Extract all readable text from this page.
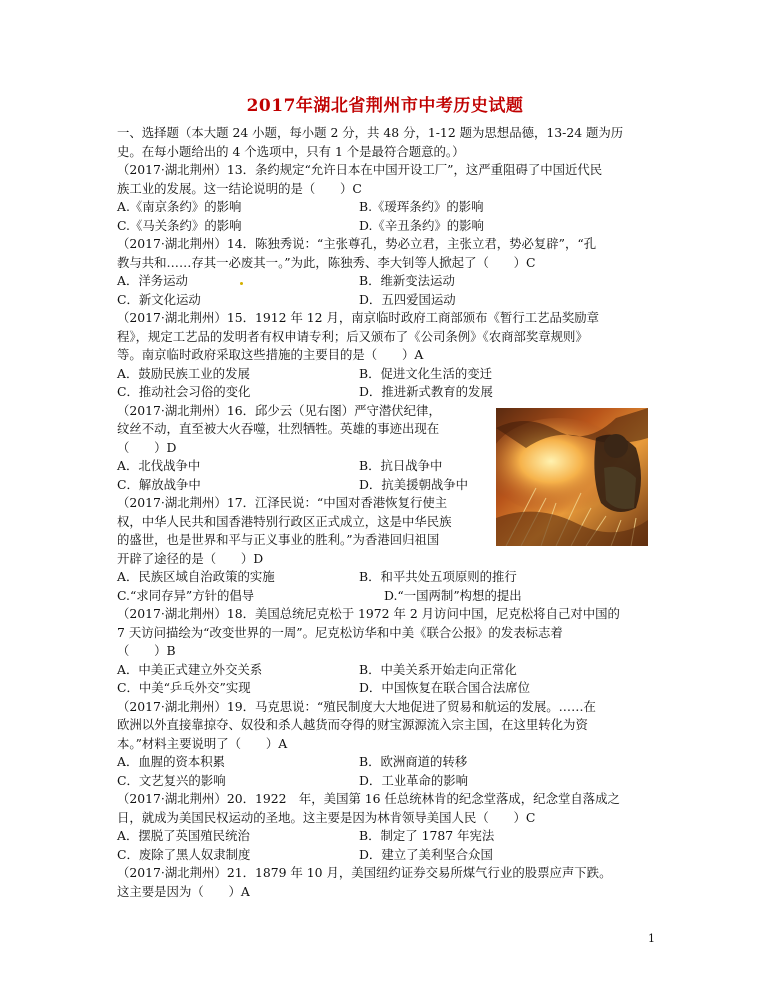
2017年湖北省荆州市中考历史试题
一、选择题（本大题 24 小题，每小题 2 分，共 48 分，1-12 题为思想品德，13-24 题为历
史。在每小题给出的 4 个选项中，只有 1 个是最符合题意的。）
（2017·湖北荆州）13．条约规定“允许日本在中国开设工厂”，这严重阻碍了中国近代民
族工业的发展。这一结论说明的是（　　）C
A.《南京条约》的影响	B.《瑷珲条约》的影响
C.《马关条约》的影响	D.《辛丑条约》的影响
（2017·湖北荆州）14．陈独秀说：“主张尊孔，势必立君，主张立君，势必复辟”，“孔
教与共和……存其一必废其一。”为此，陈独秀、李大钊等人掀起了（　　）C
A．洋务运动	B．维新变法运动
C．新文化运动	D．五四爱国运动
（2017·湖北荆州）15．1912 年 12 月，南京临时政府工商部颁布《暂行工艺品奖励章
程》，规定工艺品的发明者有权申请专利；后又颁布了《公司条例》《农商部奖章规则》
等。南京临时政府采取这些措施的主要目的是（　　）A
A．鼓励民族工业的发展	B．促进文化生活的变迁
C．推动社会习俗的变化	D．推进新式教育的发展
（2017·湖北荆州）16．邱少云（见右图）严守潜伏纪律，
纹丝不动，直至被大火吞噬，壮烈牺牲。英雄的事迹出现在
（　　）D
A．北伐战争中	B．抗日战争中
C．解放战争中	D．抗美援朝战争中
（2017·湖北荆州）17．江泽民说：“中国对香港恢复行使主
权，中华人民共和国香港特别行政区正式成立，这是中华民族
的盛世，也是世界和平与正义事业的胜利。”为香港回归祖国
开辟了途径的是（　　）D
A．民族区域自治政策的实施	B．和平共处五项原则的推行
C.“求同存异”方针的倡导	D.“一国两制”构想的提出
（2017·湖北荆州）18．美国总统尼克松于 1972 年 2 月访问中国，尼克松将自己对中国的
7 天访问描绘为“改变世界的一周”。尼克松访华和中美《联合公报》的发表标志着
（　　）B
A．中美正式建立外交关系	B．中美关系开始走向正常化
C．中美“乒乓外交”实现	D．中国恢复在联合国合法席位
（2017·湖北荆州）19．马克思说：“殖民制度大大地促进了贸易和航运的发展。……在
欧洲以外直接靠掠夺、奴役和杀人越货而夺得的财宝源源流入宗主国，在这里转化为资
本。”材料主要说明了（　　）A
A．血腥的资本积累	B．欧洲商道的转移
C．文艺复兴的影响	D．工业革命的影响
（2017·湖北荆州）20．1922　年，美国第 16 任总统林肯的纪念堂落成，纪念堂自落成之
日，就成为美国民权运动的圣地。这主要是因为林肯领导美国人民（　　）C
A．摆脱了英国殖民统治	B．制定了 1787 年宪法
C．废除了黑人奴隶制度	D．建立了美利坚合众国
（2017·湖北荆州）21．1879 年 10 月，美国纽约证券交易所煤气行业的股票应声下跌。
这主要是因为（　　）A
1
